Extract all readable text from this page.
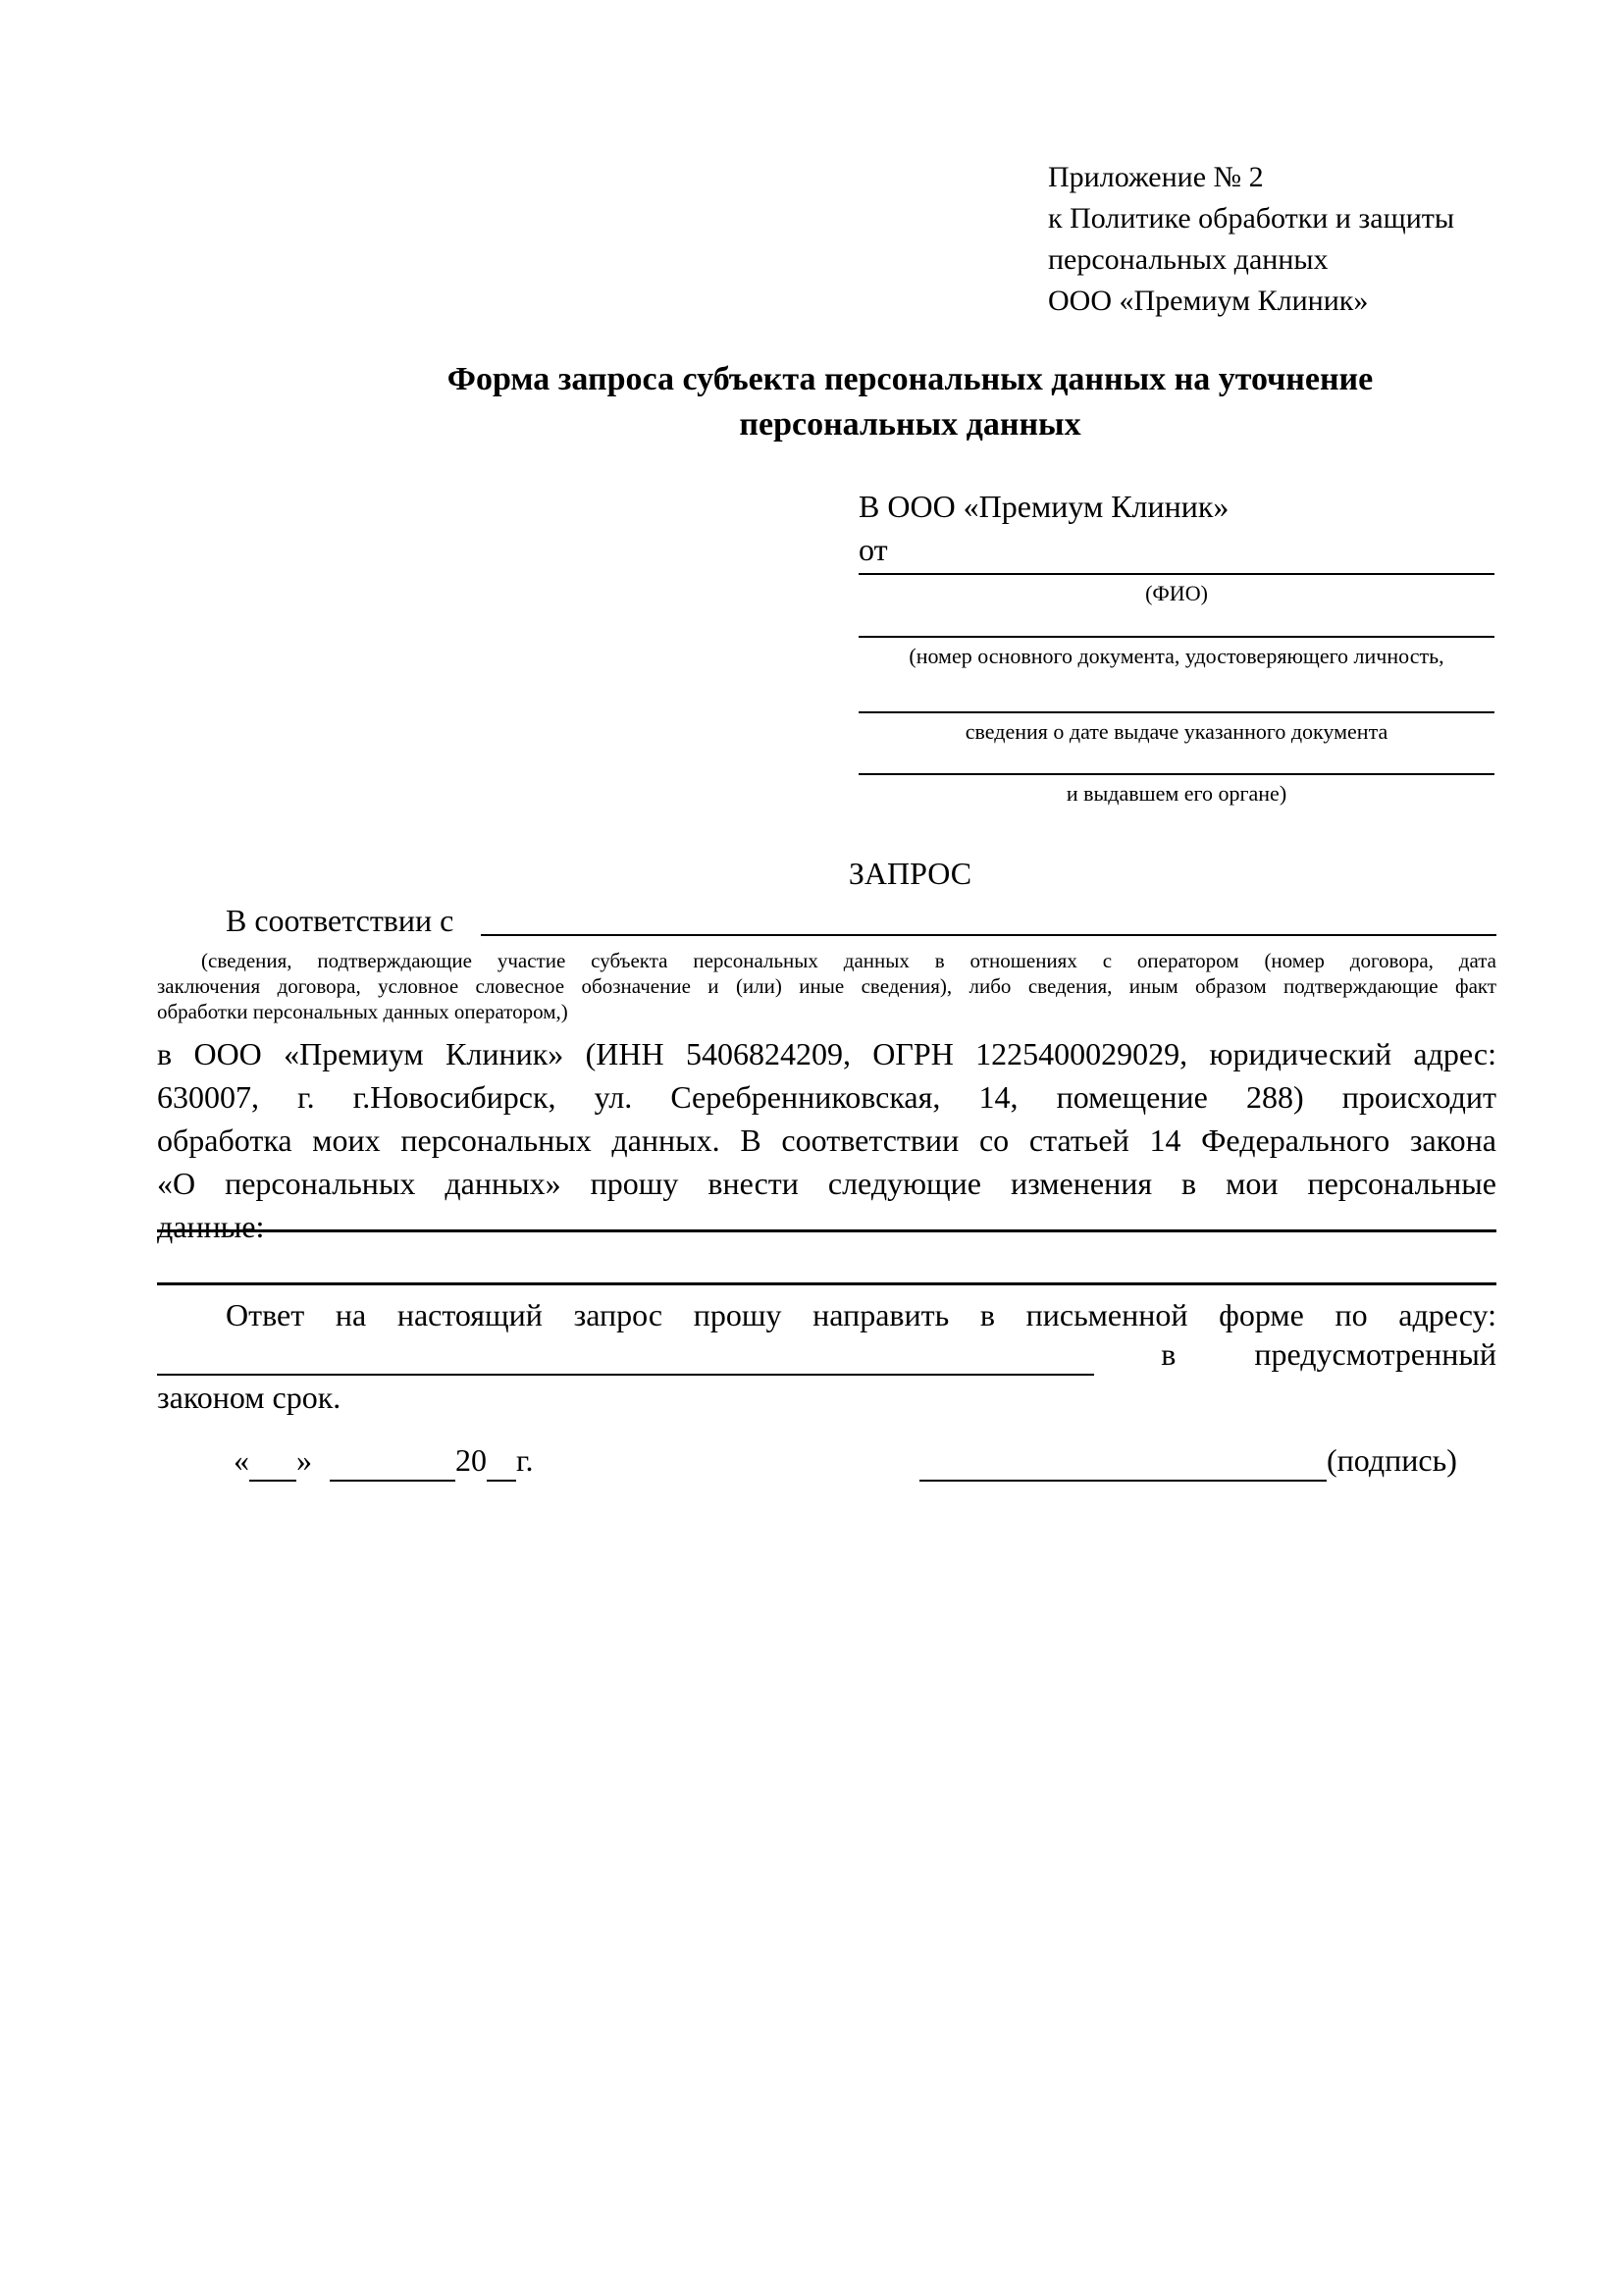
Приложение № 2
к Политике обработки и защиты
персональных данных
ООО «Премиум Клиник»
Форма запроса субъекта персональных данных на уточнение
персональных данных
В ООО «Премиум Клиник»
от
(ФИО)
(номер основного документа, удостоверяющего личность,
сведения о дате выдаче указанного документа
и выдавшем его органе)
ЗАПРОС
В соответствии с
(сведения, подтверждающие участие субъекта персональных данных в отношениях с оператором (номер договора, дата
заключения договора, условное словесное обозначение и (или) иные сведения), либо сведения, иным образом подтверждающие факт
обработки персональных данных оператором,)
в ООО «Премиум Клиник» (ИНН 5406824209, ОГРН 1225400029029, юридический адрес:
630007, г. г.Новосибирск, ул. Серебренниковская, 14, помещение 288) происходит
обработка моих персональных данных. В соответствии со статьей 14 Федерального закона
«О персональных данных» прошу внести следующие изменения в мои персональные
данные:
Ответ на настоящий запрос прошу направить в письменной форме по адресу:
в	предусмотренный
законом срок.
« »	20 г.	(подпись)
